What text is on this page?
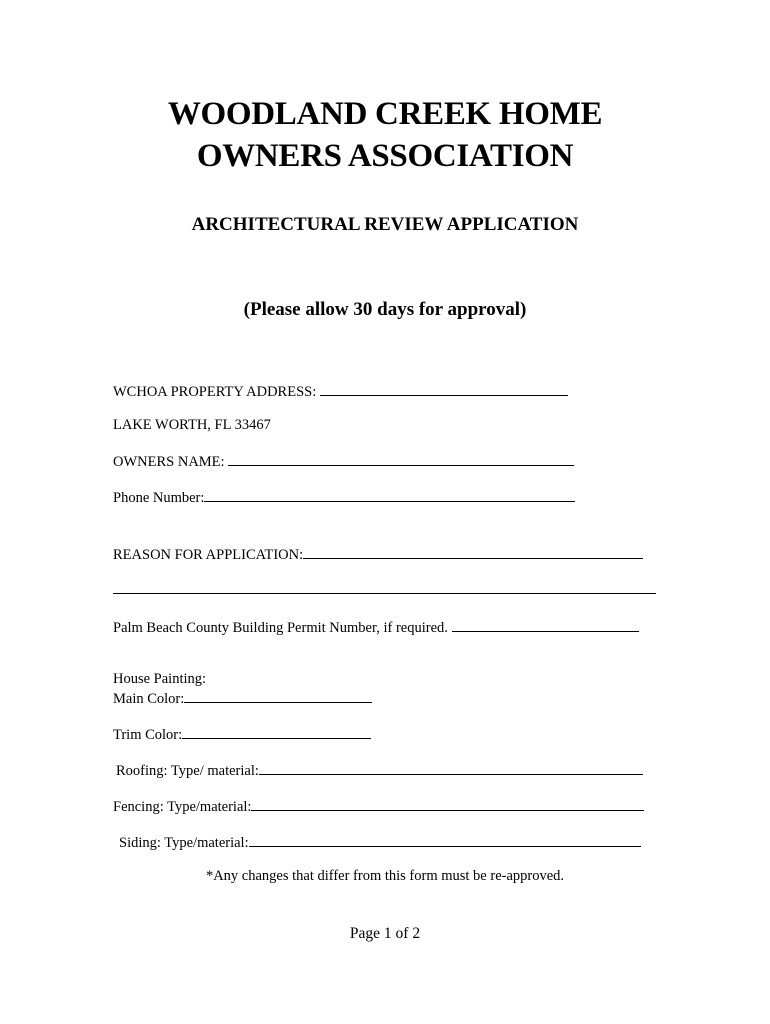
WOODLAND CREEK HOME
OWNERS ASSOCIATION
ARCHITECTURAL REVIEW APPLICATION
(Please allow 30 days for approval)
WCHOA PROPERTY ADDRESS:
LAKE WORTH, FL 33467
OWNERS NAME:
Phone Number:
REASON FOR APPLICATION:
Palm Beach County Building Permit Number, if required.
House Painting:
Main Color:
Trim Color:
Roofing: Type/ material:
Fencing: Type/material:
Siding: Type/material:
*Any changes that differ from this form must be re-approved.
Page 1 of 2
